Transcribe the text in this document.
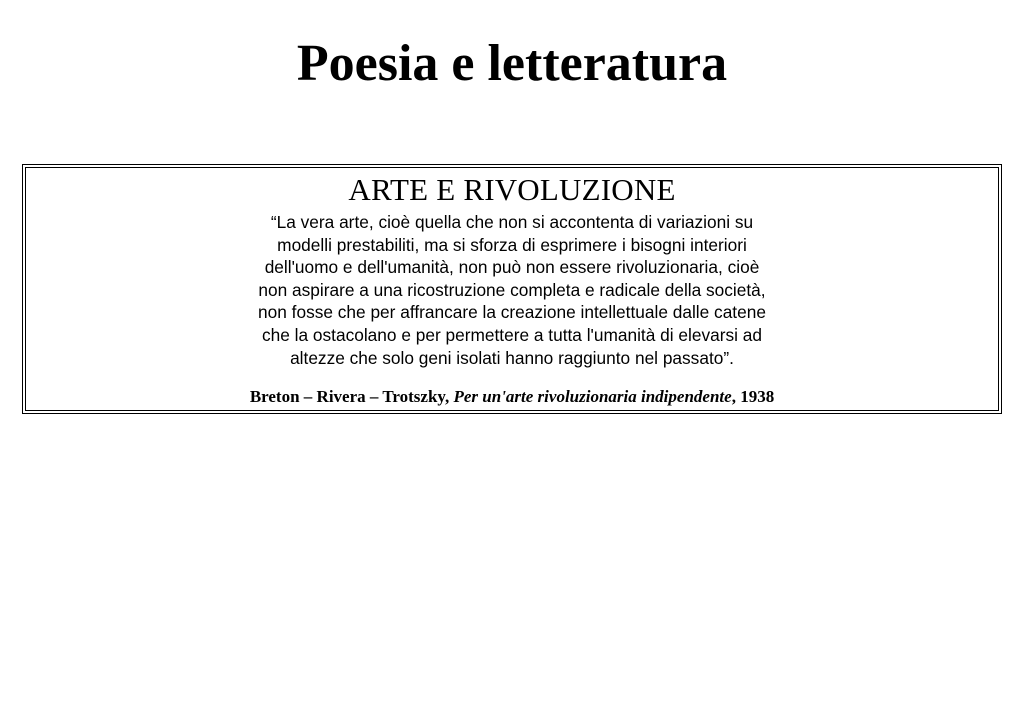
Poesia e letteratura
ARTE E RIVOLUZIONE
“La vera arte, cioè quella che non si accontenta di variazioni su
modelli prestabiliti, ma si sforza di esprimere i bisogni interiori
dell'uomo e dell'umanità, non può non essere rivoluzionaria, cioè
non aspirare a una ricostruzione completa e radicale della società,
non fosse che per affrancare la creazione intellettuale dalle catene
che la ostacolano e per permettere a tutta l'umanità di elevarsi ad
altezze che solo geni isolati hanno raggiunto nel passato”.
Breton – Rivera – Trotszky, Per un'arte rivoluzionaria indipendente, 1938
